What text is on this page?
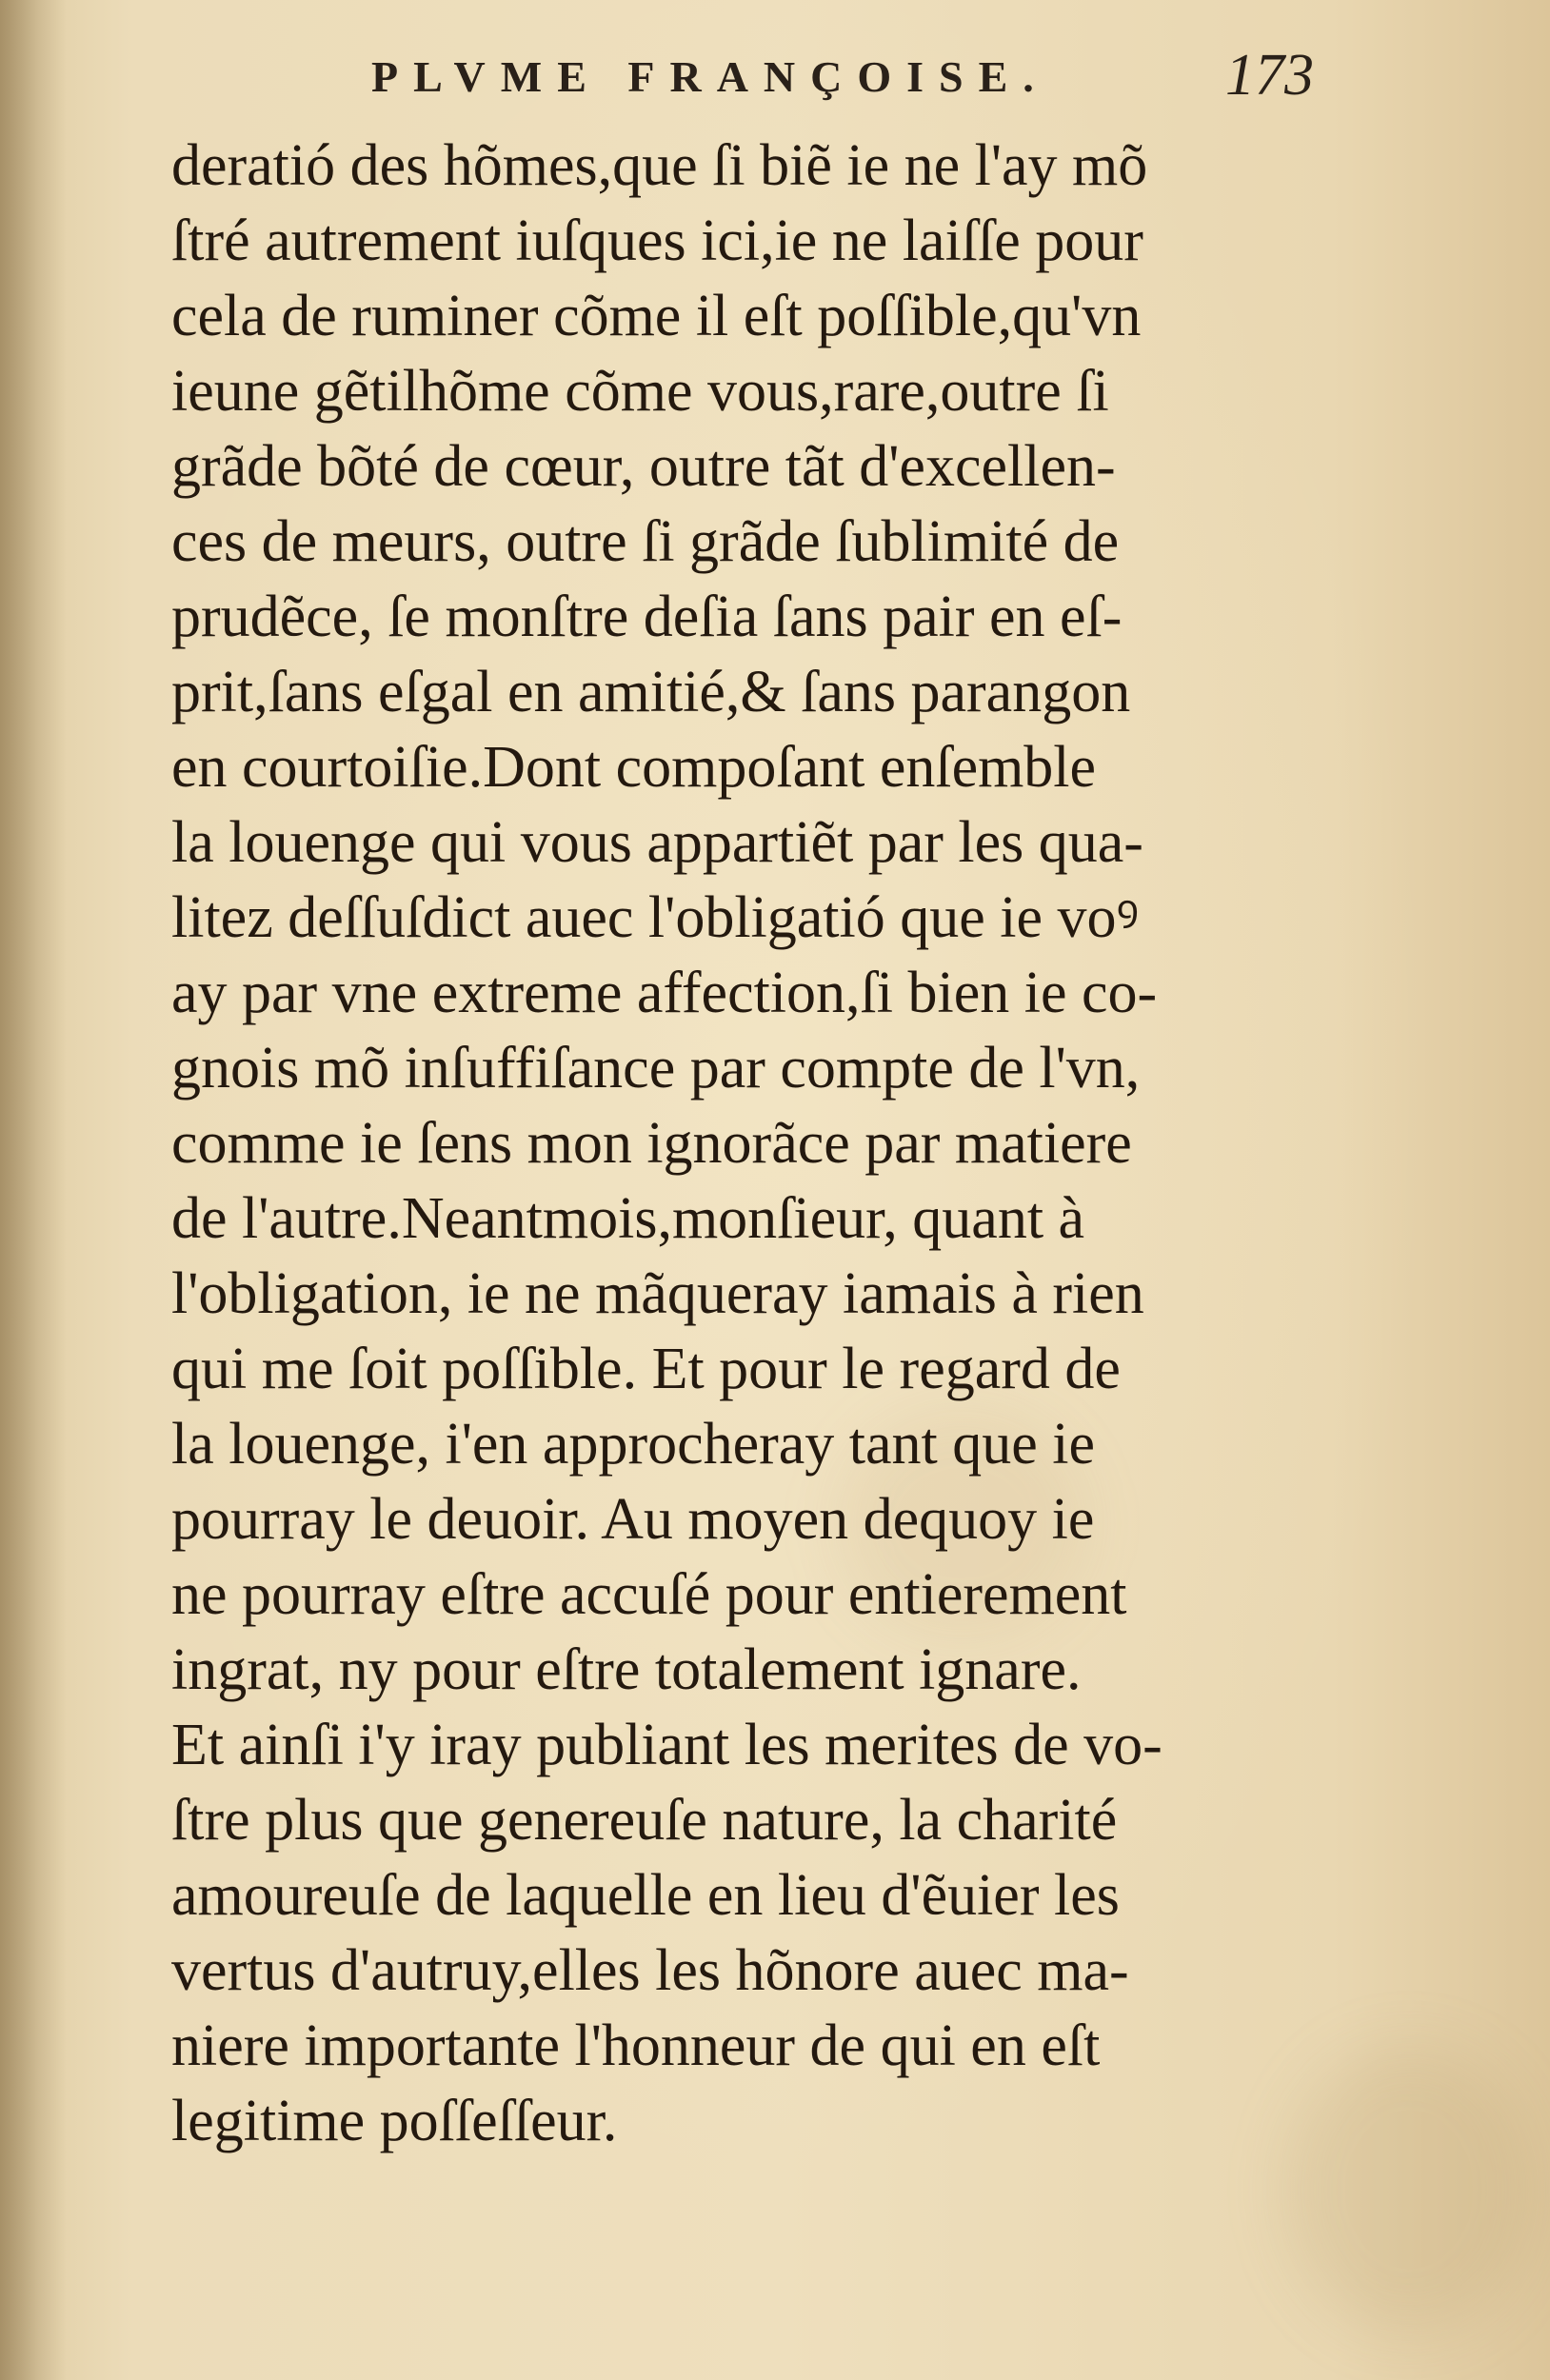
PLVME FRANÇOISE.	173
deratió des hõmes,que ſi biẽ ie ne l'ay mõ
ſtré autrement iuſques ici,ie ne laiſſe pour
cela de ruminer cõme il eſt poſſible,qu'vn
ieune gẽtilhõme cõme vous,rare,outre ſi
grãde bõté de cœur, outre tãt d'excellen-
ces de meurs, outre ſi grãde ſublimité de
prudẽce, ſe monſtre deſia ſans pair en eſ-
prit,ſans eſgal en amitié,& ſans parangon
en courtoiſie.Dont compoſant enſemble
la louenge qui vous appartiẽt par les qua-
litez deſſuſdict auec l'obligatió que ie voꝰ
ay par vne extreme affection,ſi bien ie co-
gnois mõ inſuffiſance par compte de l'vn,
comme ie ſens mon ignorãce par matiere
de l'autre.Neantmois,monſieur, quant à
l'obligation, ie ne mãqueray iamais à rien
qui me ſoit poſſible. Et pour le regard de
la louenge, i'en approcheray tant que ie
pourray le deuoir. Au moyen dequoy ie
ne pourray eſtre accuſé pour entierement
ingrat, ny pour eſtre totalement ignare.
Et ainſi i'y iray publiant les merites de vo-
ſtre plus que genereuſe nature, la charité
amoureuſe de laquelle en lieu d'ẽuier les
vertus d'autruy,elles les hõnore auec ma-
niere importante l'honneur de qui en eſt
legitime poſſeſſeur.
